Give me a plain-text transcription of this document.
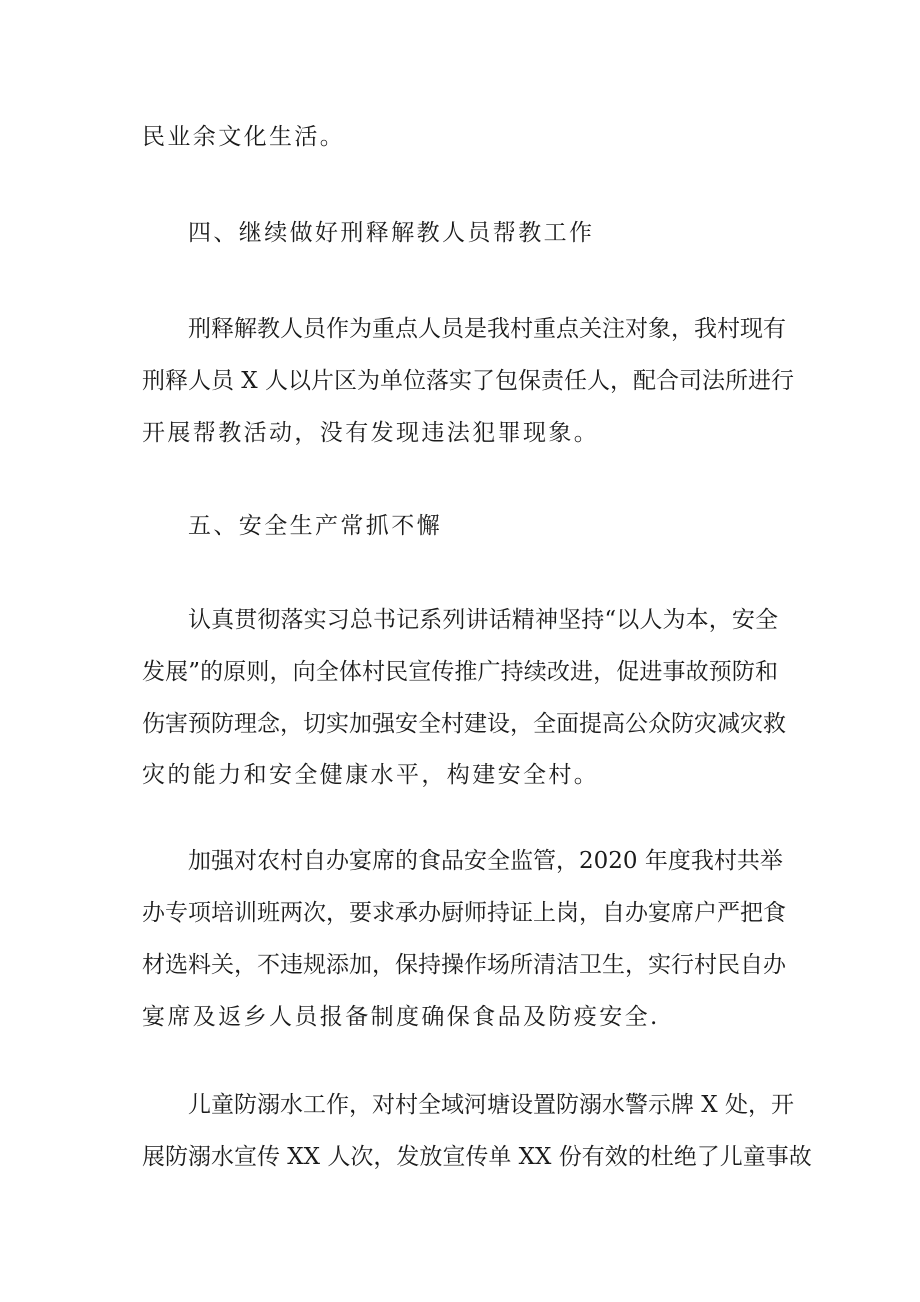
民业余文化生活。
四、继续做好刑释解教人员帮教工作
刑释解教人员作为重点人员是我村重点关注对象，我村现有
刑释人员 X 人以片区为单位落实了包保责任人，配合司法所进行
开展帮教活动，没有发现违法犯罪现象。
五、安全生产常抓不懈
认真贯彻落实习总书记系列讲话精神坚持“以人为本，安全
发展”的原则，向全体村民宣传推广持续改进，促进事故预防和
伤害预防理念，切实加强安全村建设，全面提高公众防灾减灾救
灾的能力和安全健康水平，构建安全村。
加强对农村自办宴席的食品安全监管，2020 年度我村共举
办专项培训班两次，要求承办厨师持证上岗，自办宴席户严把食
材选料关，不违规添加，保持操作场所清洁卫生，实行村民自办
宴席及返乡人员报备制度确保食品及防疫安全.
儿童防溺水工作，对村全域河塘设置防溺水警示牌 X 处，开
展防溺水宣传 XX 人次，发放宣传单 XX 份有效的杜绝了儿童事故
